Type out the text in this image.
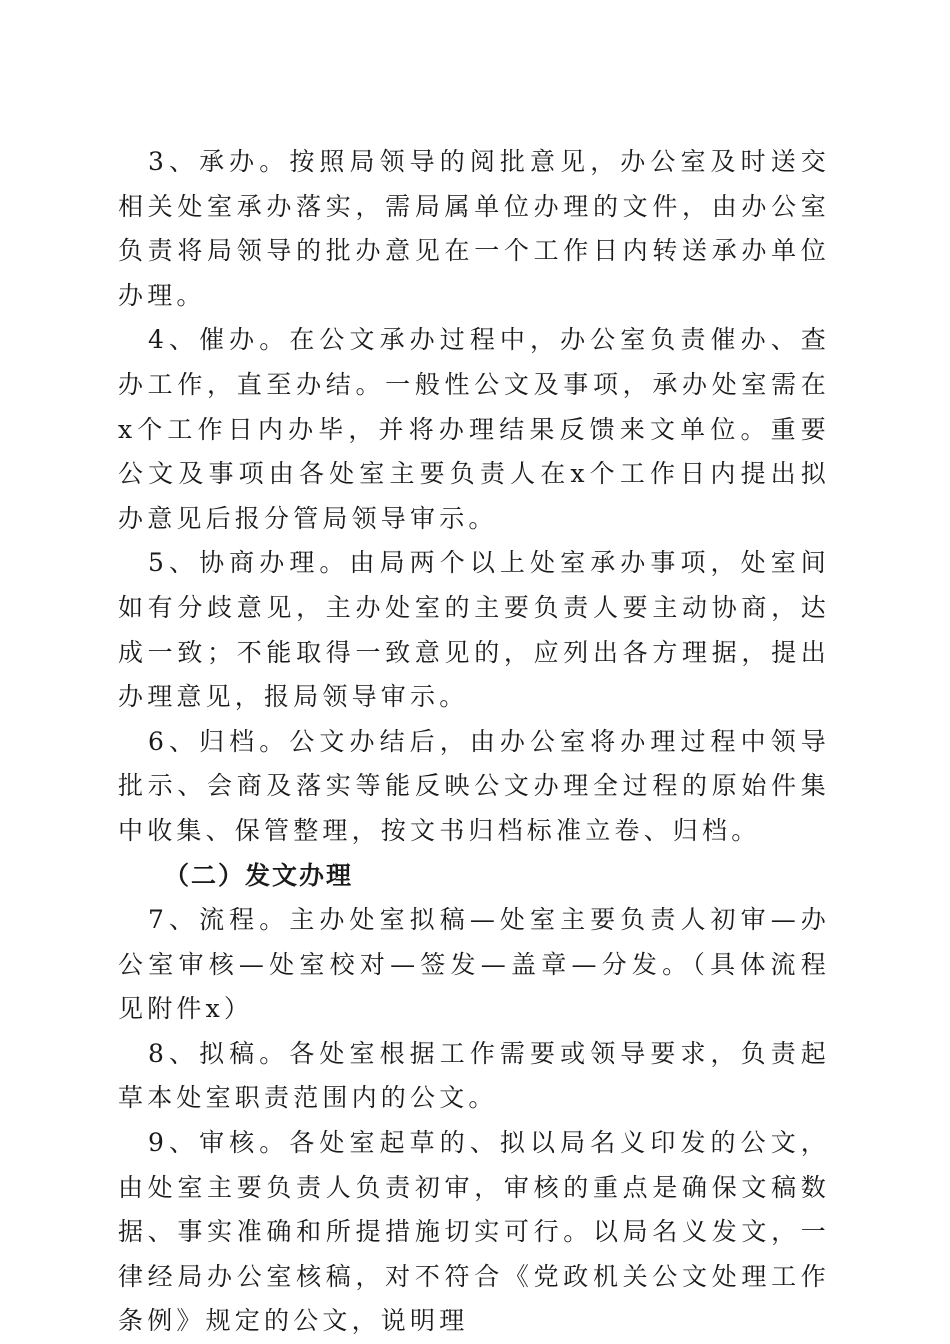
3、承办。按照局领导的阅批意见，办公室及时送交相关处室承办落实，需局属单位办理的文件，由办公室负责将局领导的批办意见在一个工作日内转送承办单位办理。

4、催办。在公文承办过程中，办公室负责催办、查办工作，直至办结。一般性公文及事项，承办处室需在x个工作日内办毕，并将办理结果反馈来文单位。重要公文及事项由各处室主要负责人在x个工作日内提出拟办意见后报分管局领导审示。

5、协商办理。由局两个以上处室承办事项，处室间如有分歧意见，主办处室的主要负责人要主动协商，达成一致；不能取得一致意见的，应列出各方理据，提出办理意见，报局领导审示。

6、归档。公文办结后，由办公室将办理过程中领导批示、会商及落实等能反映公文办理全过程的原始件集中收集、保管整理，按文书归档标准立卷、归档。

（二）发文办理

7、流程。主办处室拟稿—处室主要负责人初审—办公室审核—处室校对—签发—盖章—分发。（具体流程见附件x）

8、拟稿。各处室根据工作需要或领导要求，负责起草本处室职责范围内的公文。

9、审核。各处室起草的、拟以局名义印发的公文，由处室主要负责人负责初审，审核的重点是确保文稿数据、事实准确和所提措施切实可行。以局名义发文，一律经局办公室核稿，对不符合《党政机关公文处理工作条例》规定的公文，说明理
